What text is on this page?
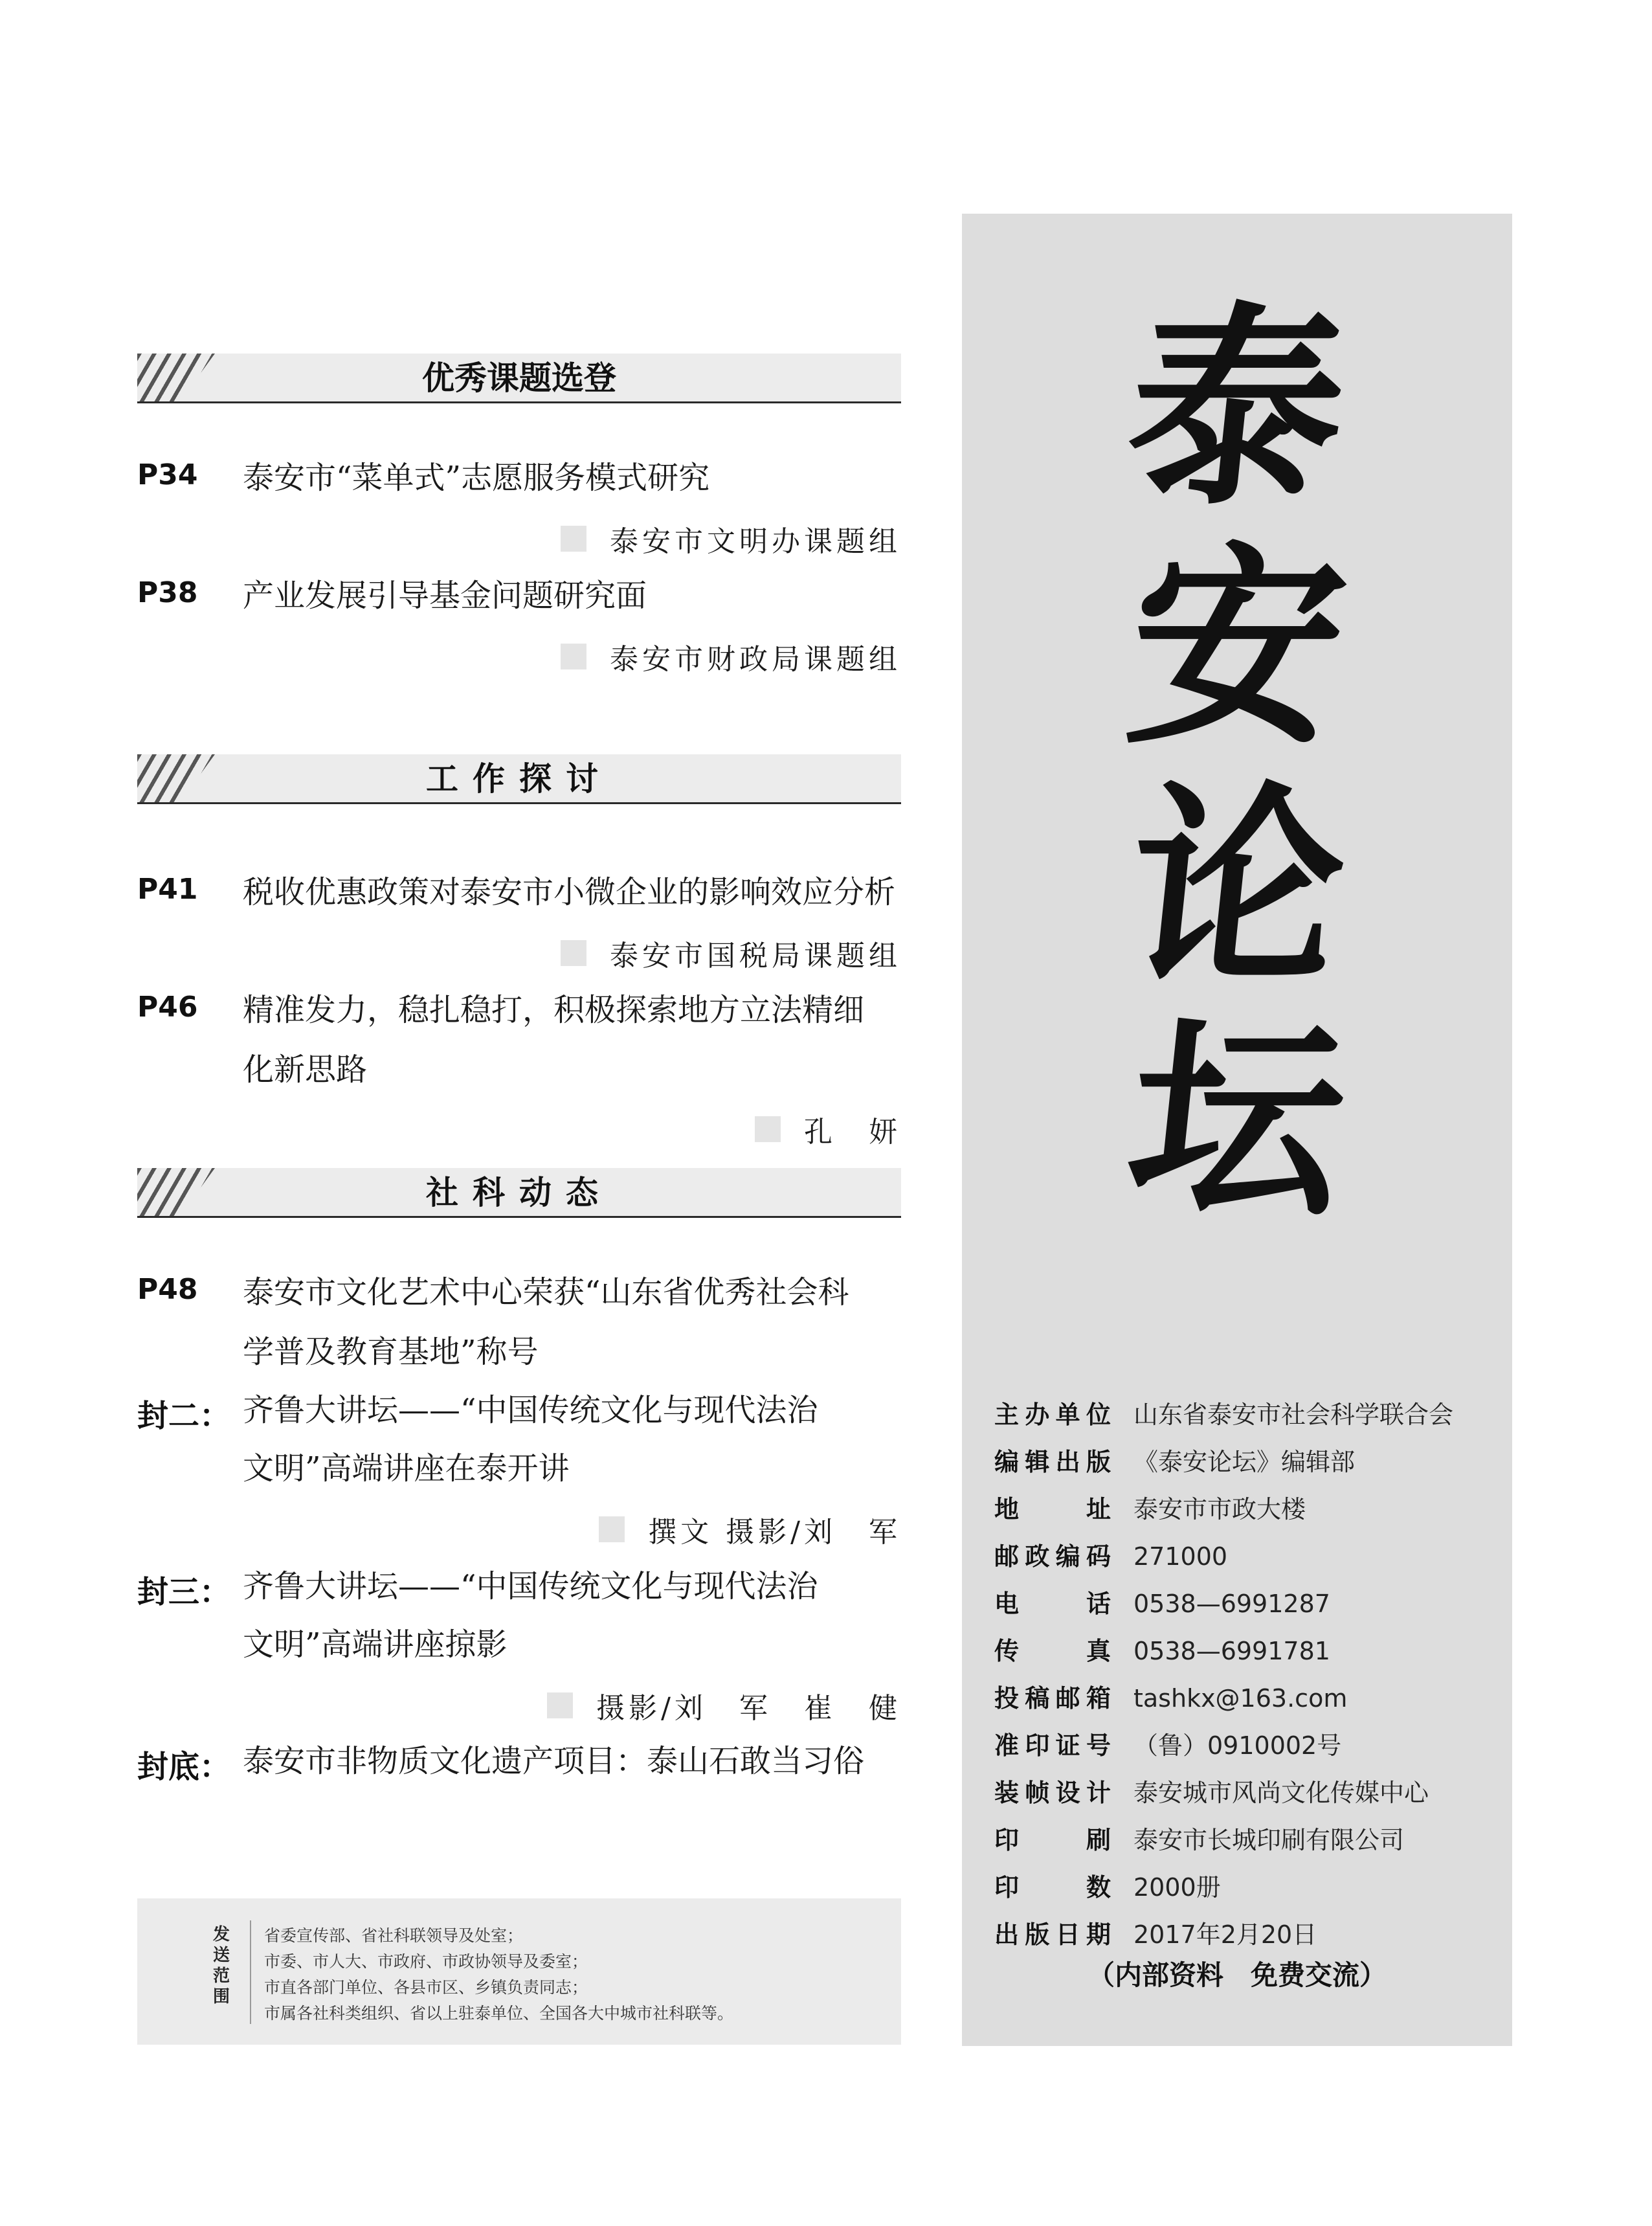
优秀课题选登
P34 泰安市“菜单式”志愿服务模式研究
泰安市文明办课题组
P38 产业发展引导基金问题研究面
泰安市财政局课题组
工作探讨
P41 税收优惠政策对泰安市小微企业的影响效应分析
泰安市国税局课题组
P46 精准发力，稳扎稳打，积极探索地方立法精细
化新思路
孔　妍
社科动态
P48 泰安市文化艺术中心荣获“山东省优秀社会科
学普及教育基地”称号
封二： 齐鲁大讲坛——“中国传统文化与现代法治
文明”高端讲座在泰开讲
撰文 摄影/刘　军
封三： 齐鲁大讲坛——“中国传统文化与现代法治
文明”高端讲座掠影
摄影/刘　军　崔　健
封底： 泰安市非物质文化遗产项目：泰山石敢当习俗
发送范围
省委宣传部、省社科联领导及处室；
市委、市人大、市政府、市政协领导及委室；
市直各部门单位、各县市区、乡镇负责同志；
市属各社科类组织、省以上驻泰单位、全国各大中城市社科联等。
泰
安
论
坛
主办单位 山东省泰安市社会科学联合会
编辑出版 《泰安论坛》编辑部
地址 泰安市市政大楼
邮政编码 271000
电话 0538—6991287
传真 0538—6991781
投稿邮箱 tashkx@163.com
准印证号 （鲁）0910002号
装帧设计 泰安城市风尚文化传媒中心
印刷 泰安市长城印刷有限公司
印数 2000册
出版日期 2017年2月20日
（内部资料　免费交流）
